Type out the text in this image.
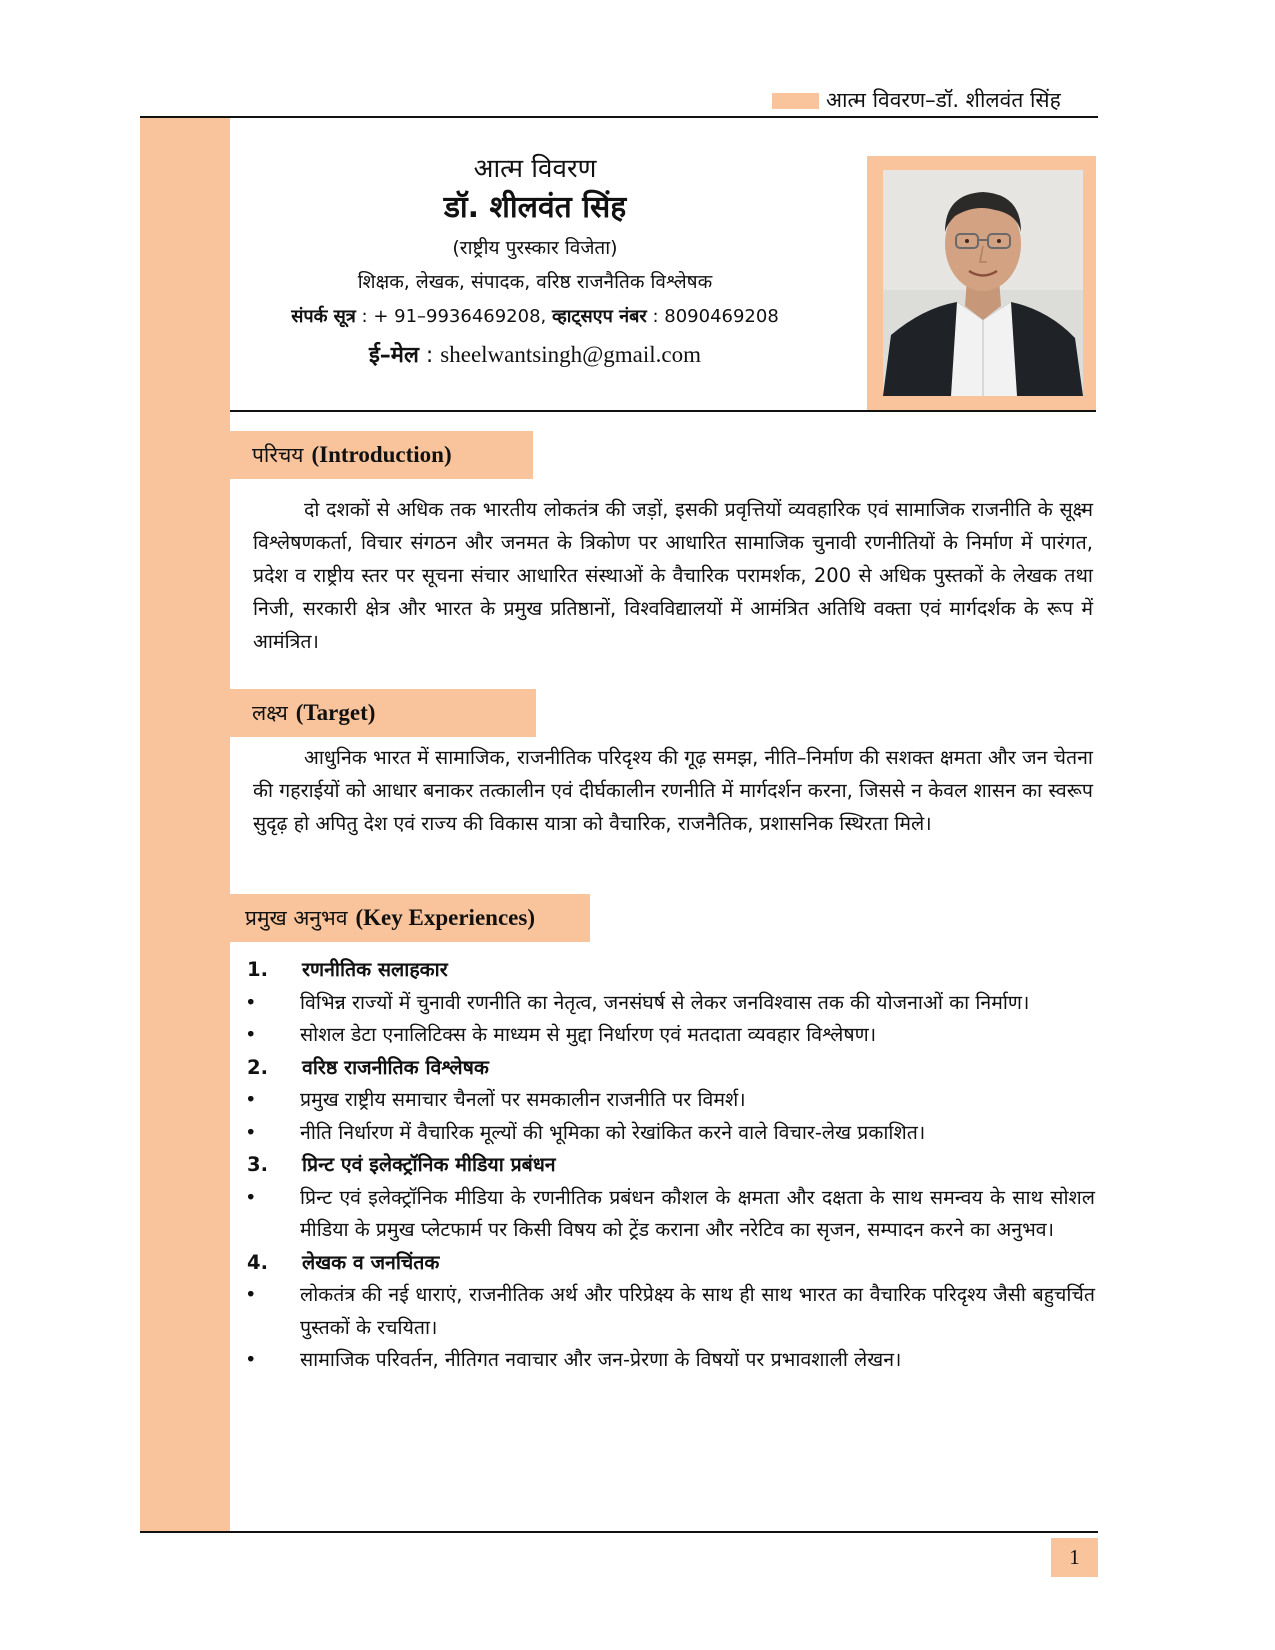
आत्म विवरण–डॉ. शीलवंत सिंह
आत्म विवरण
डॉ. शीलवंत सिंह
(राष्ट्रीय पुरस्कार विजेता)
शिक्षक, लेखक, संपादक, वरिष्ठ राजनैतिक विश्लेषक
संपर्क सूत्र : + 91–9936469208, व्हाट्सएप नंबर : 8090469208
ई–मेल : sheelwantsingh@gmail.com
परिचय (Introduction)

दो दशकों से अधिक तक भारतीय लोकतंत्र की जड़ों, इसकी प्रवृत्तियों व्यवहारिक एवं सामाजिक राजनीति के सूक्ष्म विश्लेषणकर्ता, विचार संगठन और जनमत के त्रिकोण पर आधारित सामाजिक चुनावी रणनीतियों के निर्माण में पारंगत, प्रदेश व राष्ट्रीय स्तर पर सूचना संचार आधारित संस्थाओं के वैचारिक परामर्शक, 200 से अधिक पुस्तकों के लेखक तथा निजी, सरकारी क्षेत्र और भारत के प्रमुख प्रतिष्ठानों, विश्वविद्यालयों में आमंत्रित अतिथि वक्ता एवं मार्गदर्शक के रूप में आमंत्रित।

लक्ष्य (Target)

आधुनिक भारत में सामाजिक, राजनीतिक परिदृश्य की गूढ़ समझ, नीति–निर्माण की सशक्त क्षमता और जन चेतना की गहराईयों को आधार बनाकर तत्कालीन एवं दीर्घकालीन रणनीति में मार्गदर्शन करना, जिससे न केवल शासन का स्वरूप सुदृढ़ हो अपितु देश एवं राज्य की विकास यात्रा को वैचारिक, राजनैतिक, प्रशासनिक स्थिरता मिले।

प्रमुख अनुभव (Key Experiences)
1.	रणनीतिक सलाहकार
•	विभिन्न राज्यों में चुनावी रणनीति का नेतृत्व, जनसंघर्ष से लेकर जनविश्वास तक की योजनाओं का निर्माण।
•	सोशल डेटा एनालिटिक्स के माध्यम से मुद्दा निर्धारण एवं मतदाता व्यवहार विश्लेषण।
2.	वरिष्ठ राजनीतिक विश्लेषक
•	प्रमुख राष्ट्रीय समाचार चैनलों पर समकालीन राजनीति पर विमर्श।
•	नीति निर्धारण में वैचारिक मूल्यों की भूमिका को रेखांकित करने वाले विचार-लेख प्रकाशित।
3.	प्रिन्ट एवं इलेक्ट्रॉनिक मीडिया प्रबंधन
•	प्रिन्ट एवं इलेक्ट्रॉनिक मीडिया के रणनीतिक प्रबंधन कौशल के क्षमता और दक्षता के साथ समन्वय के साथ सोशल मीडिया के प्रमुख प्लेटफार्म पर किसी विषय को ट्रेंड कराना और नरेटिव का सृजन, सम्पादन करने का अनुभव।
4.	लेखक व जनचिंतक
•	लोकतंत्र की नई धाराएं, राजनीतिक अर्थ और परिप्रेक्ष्य के साथ ही साथ भारत का वैचारिक परिदृश्य जैसी बहुचर्चित पुस्तकों के रचयिता।
•	सामाजिक परिवर्तन, नीतिगत नवाचार और जन-प्रेरणा के विषयों पर प्रभावशाली लेखन।
1
